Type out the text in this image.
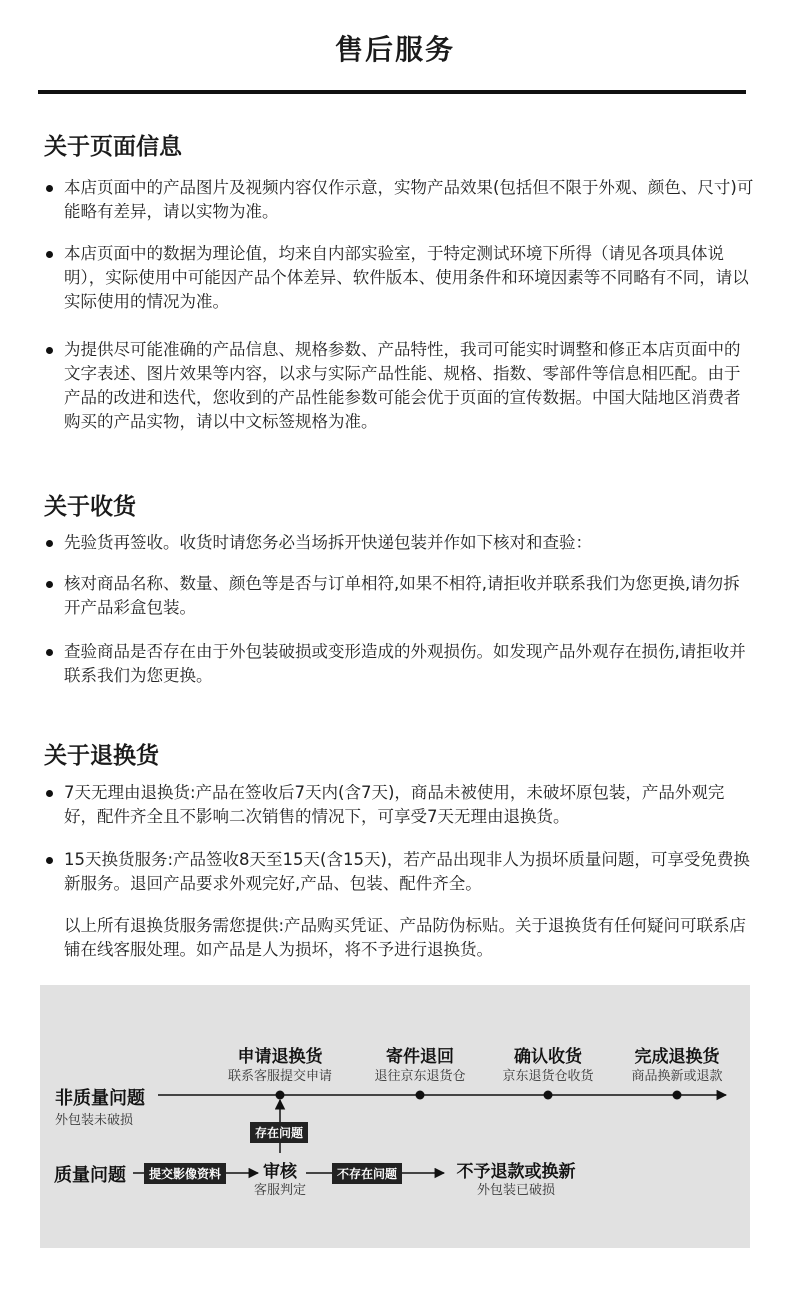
售后服务
关于页面信息
本店页面中的产品图片及视频内容仅作示意，实物产品效果(包括但不限于外观、颜色、尺寸)可能略有差异，请以实物为准。
本店页面中的数据为理论值，均来自内部实验室，于特定测试环境下所得（请见各项具体说明），实际使用中可能因产品个体差异、软件版本、使用条件和环境因素等不同略有不同，请以实际使用的情况为准。
为提供尽可能准确的产品信息、规格参数、产品特性，我司可能实时调整和修正本店页面中的文字表述、图片效果等内容，以求与实际产品性能、规格、指数、零部件等信息相匹配。由于产品的改进和迭代，您收到的产品性能参数可能会优于页面的宣传数据。中国大陆地区消费者购买的产品实物，请以中文标签规格为准。
关于收货
先验货再签收。收货时请您务必当场拆开快递包装并作如下核对和查验：
核对商品名称、数量、颜色等是否与订单相符,如果不相符,请拒收并联系我们为您更换,请勿拆开产品彩盒包装。
查验商品是否存在由于外包装破损或变形造成的外观损伤。如发现产品外观存在损伤,请拒收并联系我们为您更换。
关于退换货
7天无理由退换货:产品在签收后7天内(含7天)，商品未被使用，未破坏原包装，产品外观完好，配件齐全且不影响二次销售的情况下，可享受7天无理由退换货。
15天换货服务:产品签收8天至15天(含15天)，若产品出现非人为损坏质量问题，可享受免费换新服务。退回产品要求外观完好,产品、包装、配件齐全。
以上所有退换货服务需您提供:产品购买凭证、产品防伪标贴。关于退换货有任何疑问可联系店铺在线客服处理。如产品是人为损坏，将不予进行退换货。
申请退换货
联系客服提交申请
寄件退回
退往京东退货仓
确认收货
京东退货仓收货
完成退换货
商品换新或退款
非质量问题
外包装未破损
存在问题
质量问题	提交影像资料 审核
客服判定
不存在问题	不予退款或换新
外包装已破损
